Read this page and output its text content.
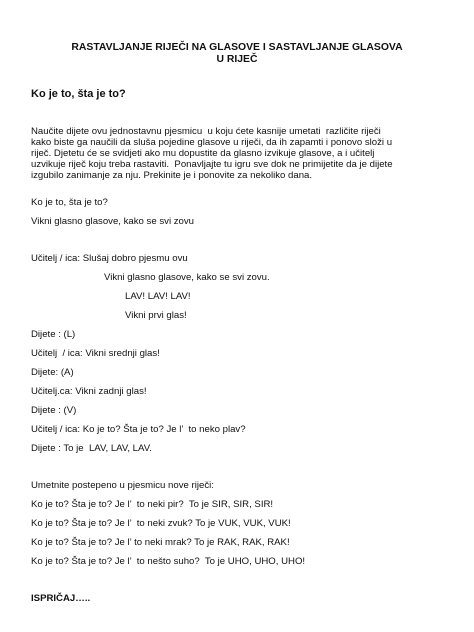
RASTAVLJANJE RIJEČI NA GLASOVE I SASTAVLJANJE GLASOVA
U RIJEČ
Ko je to, šta je to?
Naučite dijete ovu jednostavnu pjesmicu  u koju ćete kasnije umetati  različite riječi
kako biste ga naučili da sluša pojedine glasove u riječi, da ih zapamti i ponovo složi u
riječ. Djetetu će se svidjeti ako mu dopustite da glasno izvikuje glasove, a i učitelj
uzvikuje riječ koju treba rastaviti.  Ponavljajte tu igru sve dok ne primijetite da je dijete
izgubilo zanimanje za nju. Prekinite je i ponovite za nekoliko dana.
Ko je to, šta je to?
Vikni glasno glasove, kako se svi zovu
Učitelj / ica: Slušaj dobro pjesmu ovu
Vikni glasno glasove, kako se svi zovu.
LAV! LAV! LAV!
Vikni prvi glas!
Dijete : (L)
Učitelj  / ica: Vikni srednji glas!
Dijete: (A)
Učitelj.ca: Vikni zadnji glas!
Dijete : (V)
Učitelj / ica: Ko je to? Šta je to? Je l’  to neko plav?
Dijete : To je  LAV, LAV, LAV.
Umetnite postepeno u pjesmicu nove riječi:
Ko je to? Šta je to? Je l’  to neki pir?  To je SIR, SIR, SIR!
Ko je to? Šta je to? Je l’  to neki zvuk? To je VUK, VUK, VUK!
Ko je to? Šta je to? Je l’ to neki mrak? To je RAK, RAK, RAK!
Ko je to? Šta je to? Je l’  to nešto suho?  To je UHO, UHO, UHO!
ISPRIČAJ…..
